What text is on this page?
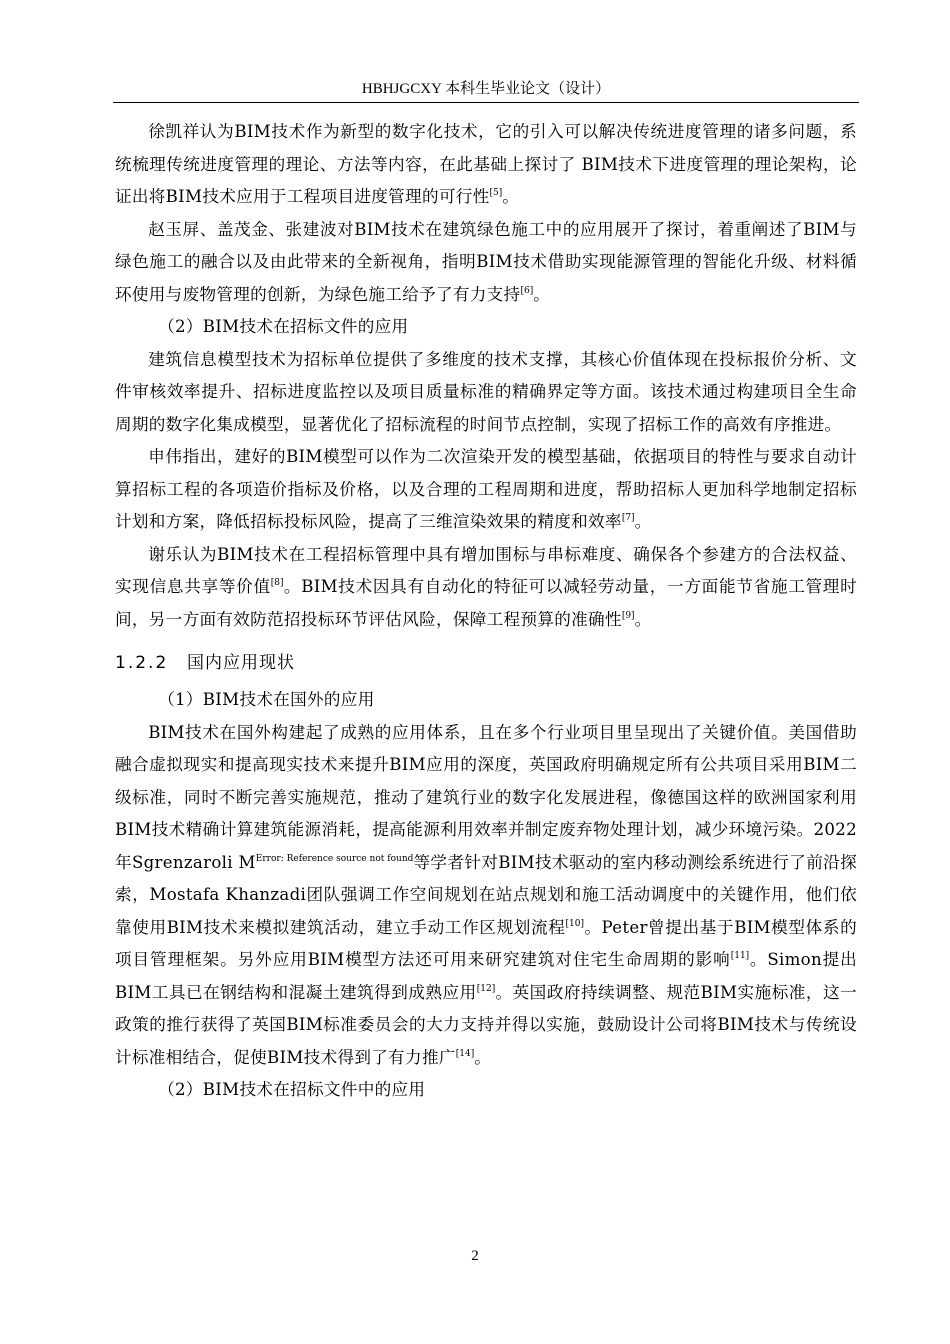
HBHJGCXY 本科生毕业论文（设计）

徐凯祥认为BIM技术作为新型的数字化技术，它的引入可以解决传统进度管理的诸多问题，系统梳理传统进度管理的理论、方法等内容，在此基础上探讨了 BIM技术下进度管理的理论架构，论证出将BIM技术应用于工程项目进度管理的可行性[5]。

赵玉屏、盖茂金、张建波对BIM技术在建筑绿色施工中的应用展开了探讨，着重阐述了BIM与绿色施工的融合以及由此带来的全新视角，指明BIM技术借助实现能源管理的智能化升级、材料循环使用与废物管理的创新，为绿色施工给予了有力支持[6]。

（2）BIM技术在招标文件的应用

建筑信息模型技术为招标单位提供了多维度的技术支撑，其核心价值体现在投标报价分析、文件审核效率提升、招标进度监控以及项目质量标准的精确界定等方面。该技术通过构建项目全生命周期的数字化集成模型，显著优化了招标流程的时间节点控制，实现了招标工作的高效有序推进。

申伟指出，建好的BIM模型可以作为二次渲染开发的模型基础，依据项目的特性与要求自动计算招标工程的各项造价指标及价格，以及合理的工程周期和进度，帮助招标人更加科学地制定招标计划和方案，降低招标投标风险，提高了三维渲染效果的精度和效率[7]。

谢乐认为BIM技术在工程招标管理中具有增加围标与串标难度、确保各个参建方的合法权益、实现信息共享等价值[8]。BIM技术因具有自动化的特征可以减轻劳动量，一方面能节省施工管理时间，另一方面有效防范招投标环节评估风险，保障工程预算的准确性[9]。

1.2.2 国内应用现状

（1）BIM技术在国外的应用

BIM技术在国外构建起了成熟的应用体系，且在多个行业项目里呈现出了关键价值。美国借助融合虚拟现实和提高现实技术来提升BIM应用的深度，英国政府明确规定所有公共项目采用BIM二级标准，同时不断完善实施规范，推动了建筑行业的数字化发展进程，像德国这样的欧洲国家利用BIM技术精确计算建筑能源消耗，提高能源利用效率并制定废弃物处理计划，减少环境污染。2022年Sgrenzaroli $M^{Error: Reference source not found}$等学者针对BIM技术驱动的室内移动测绘系统进行了前沿探索，Mostafa Khanzadi团队强调工作空间规划在站点规划和施工活动调度中的关键作用，他们依靠使用BIM技术来模拟建筑活动，建立手动工作区规划流程[10]。Peter曾提出基于BIM模型体系的项目管理框架。另外应用BIM模型方法还可用来研究建筑对住宅生命周期的影响[11]。Simon提出BIM工具已在钢结构和混凝土建筑得到成熟应用[12]。英国政府持续调整、规范BIM实施标准，这一政策的推行获得了英国BIM标准委员会的大力支持并得以实施，鼓励设计公司将BIM技术与传统设计标准相结合，促使BIM技术得到了有力推广[14]。

（2）BIM技术在招标文件中的应用

2
